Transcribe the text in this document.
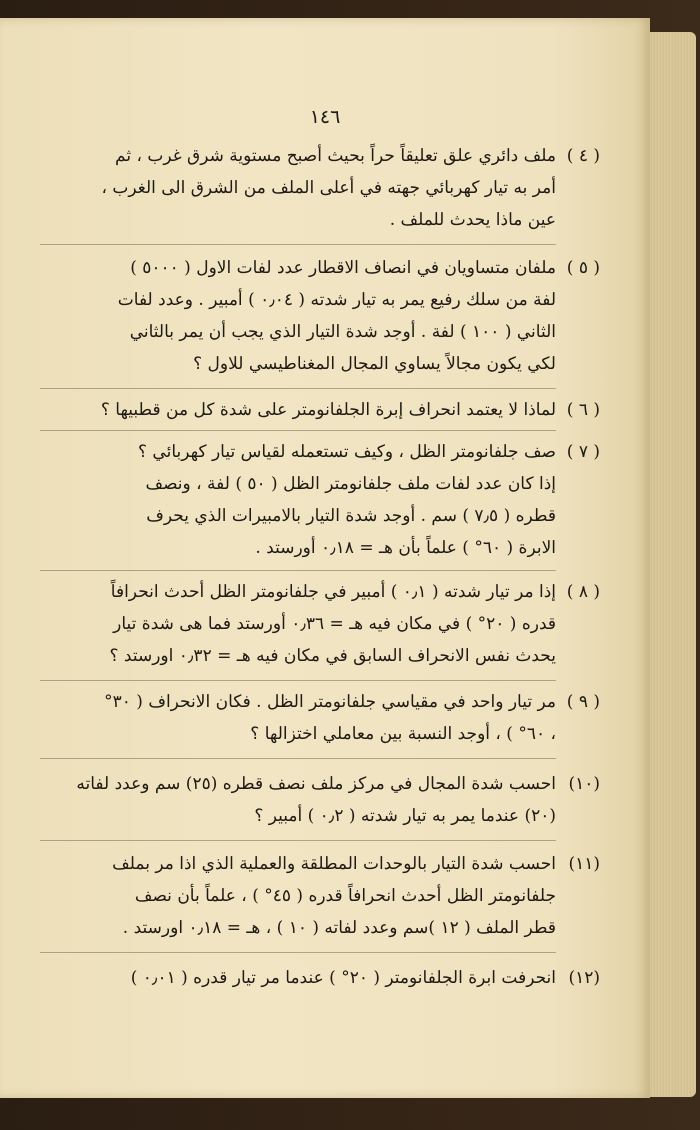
١٤٦
( ٤ )
ملف دائري علق تعليقاً حراً بحيث أصبح مستوية شرق غرب ، ثم
أمر به تيار كهربائي جهته في أعلى الملف من الشرق الى الغرب ،
عين ماذا يحدث للملف .
( ٥ )
ملفان متساويان في انصاف الاقطار عدد لفات الاول ( ٥٠٠٠ )
لفة من سلك رفيع يمر به تيار شدته ( ٠٫٠٤ ) أمبير . وعدد لفات
الثاني ( ١٠٠ ) لفة . أوجد شدة التيار الذي يجب أن يمر بالثاني
لكي يكون مجالاً يساوي المجال المغناطيسي للاول ؟
( ٦ )
لماذا لا يعتمد انحراف إبرة الجلفانومتر على شدة كل من قطبيها ؟
( ٧ )
صف جلفانومتر الظل ، وكيف تستعمله لقياس تيار كهربائي ؟
إذا كان عدد لفات ملف جلفانومتر الظل ( ٥٠ ) لفة ، ونصف
قطره ( ٧٫٥ ) سم . أوجد شدة التيار بالامبيرات الذي يحرف
الابرة ( ٦٠° ) علماً بأن هـ = ٠٫١٨ أورستد .
( ٨ )
إذا مر تيار شدته ( ٠٫١ ) أمبير في جلفانومتر الظل أحدث انحرافاً
قدره ( ٢٠° ) في مكان فيه هـ = ٠٫٣٦ أورستد فما هى شدة تيار
يحدث نفس الانحراف السابق في مكان فيه هـ = ٠٫٣٢ اورستد ؟
( ٩ )
مر تيار واحد في مقياسي جلفانومتر الظل . فكان الانحراف ( ٣٠°
، ٦٠° ) ، أوجد النسبة بين معاملي اختزالها ؟
(١٠)
احسب شدة المجال في مركز ملف نصف قطره (٢٥) سم وعدد لفاته
(٢٠) عندما يمر به تيار شدته ( ٠٫٢ ) أمبير ؟
(١١)
احسب شدة التيار بالوحدات المطلقة والعملية الذي اذا مر بملف
جلفانومتر الظل أحدث انحرافاً قدره ( ٤٥° ) ، علماً بأن نصف
قطر الملف ( ١٢ )سم وعدد لفاته ( ١٠ ) ، هـ = ٠٫١٨ اورستد .
(١٢)
انحرفت ابرة الجلفانومتر ( ٢٠° ) عندما مر تيار قدره ( ٠٫٠١ )
